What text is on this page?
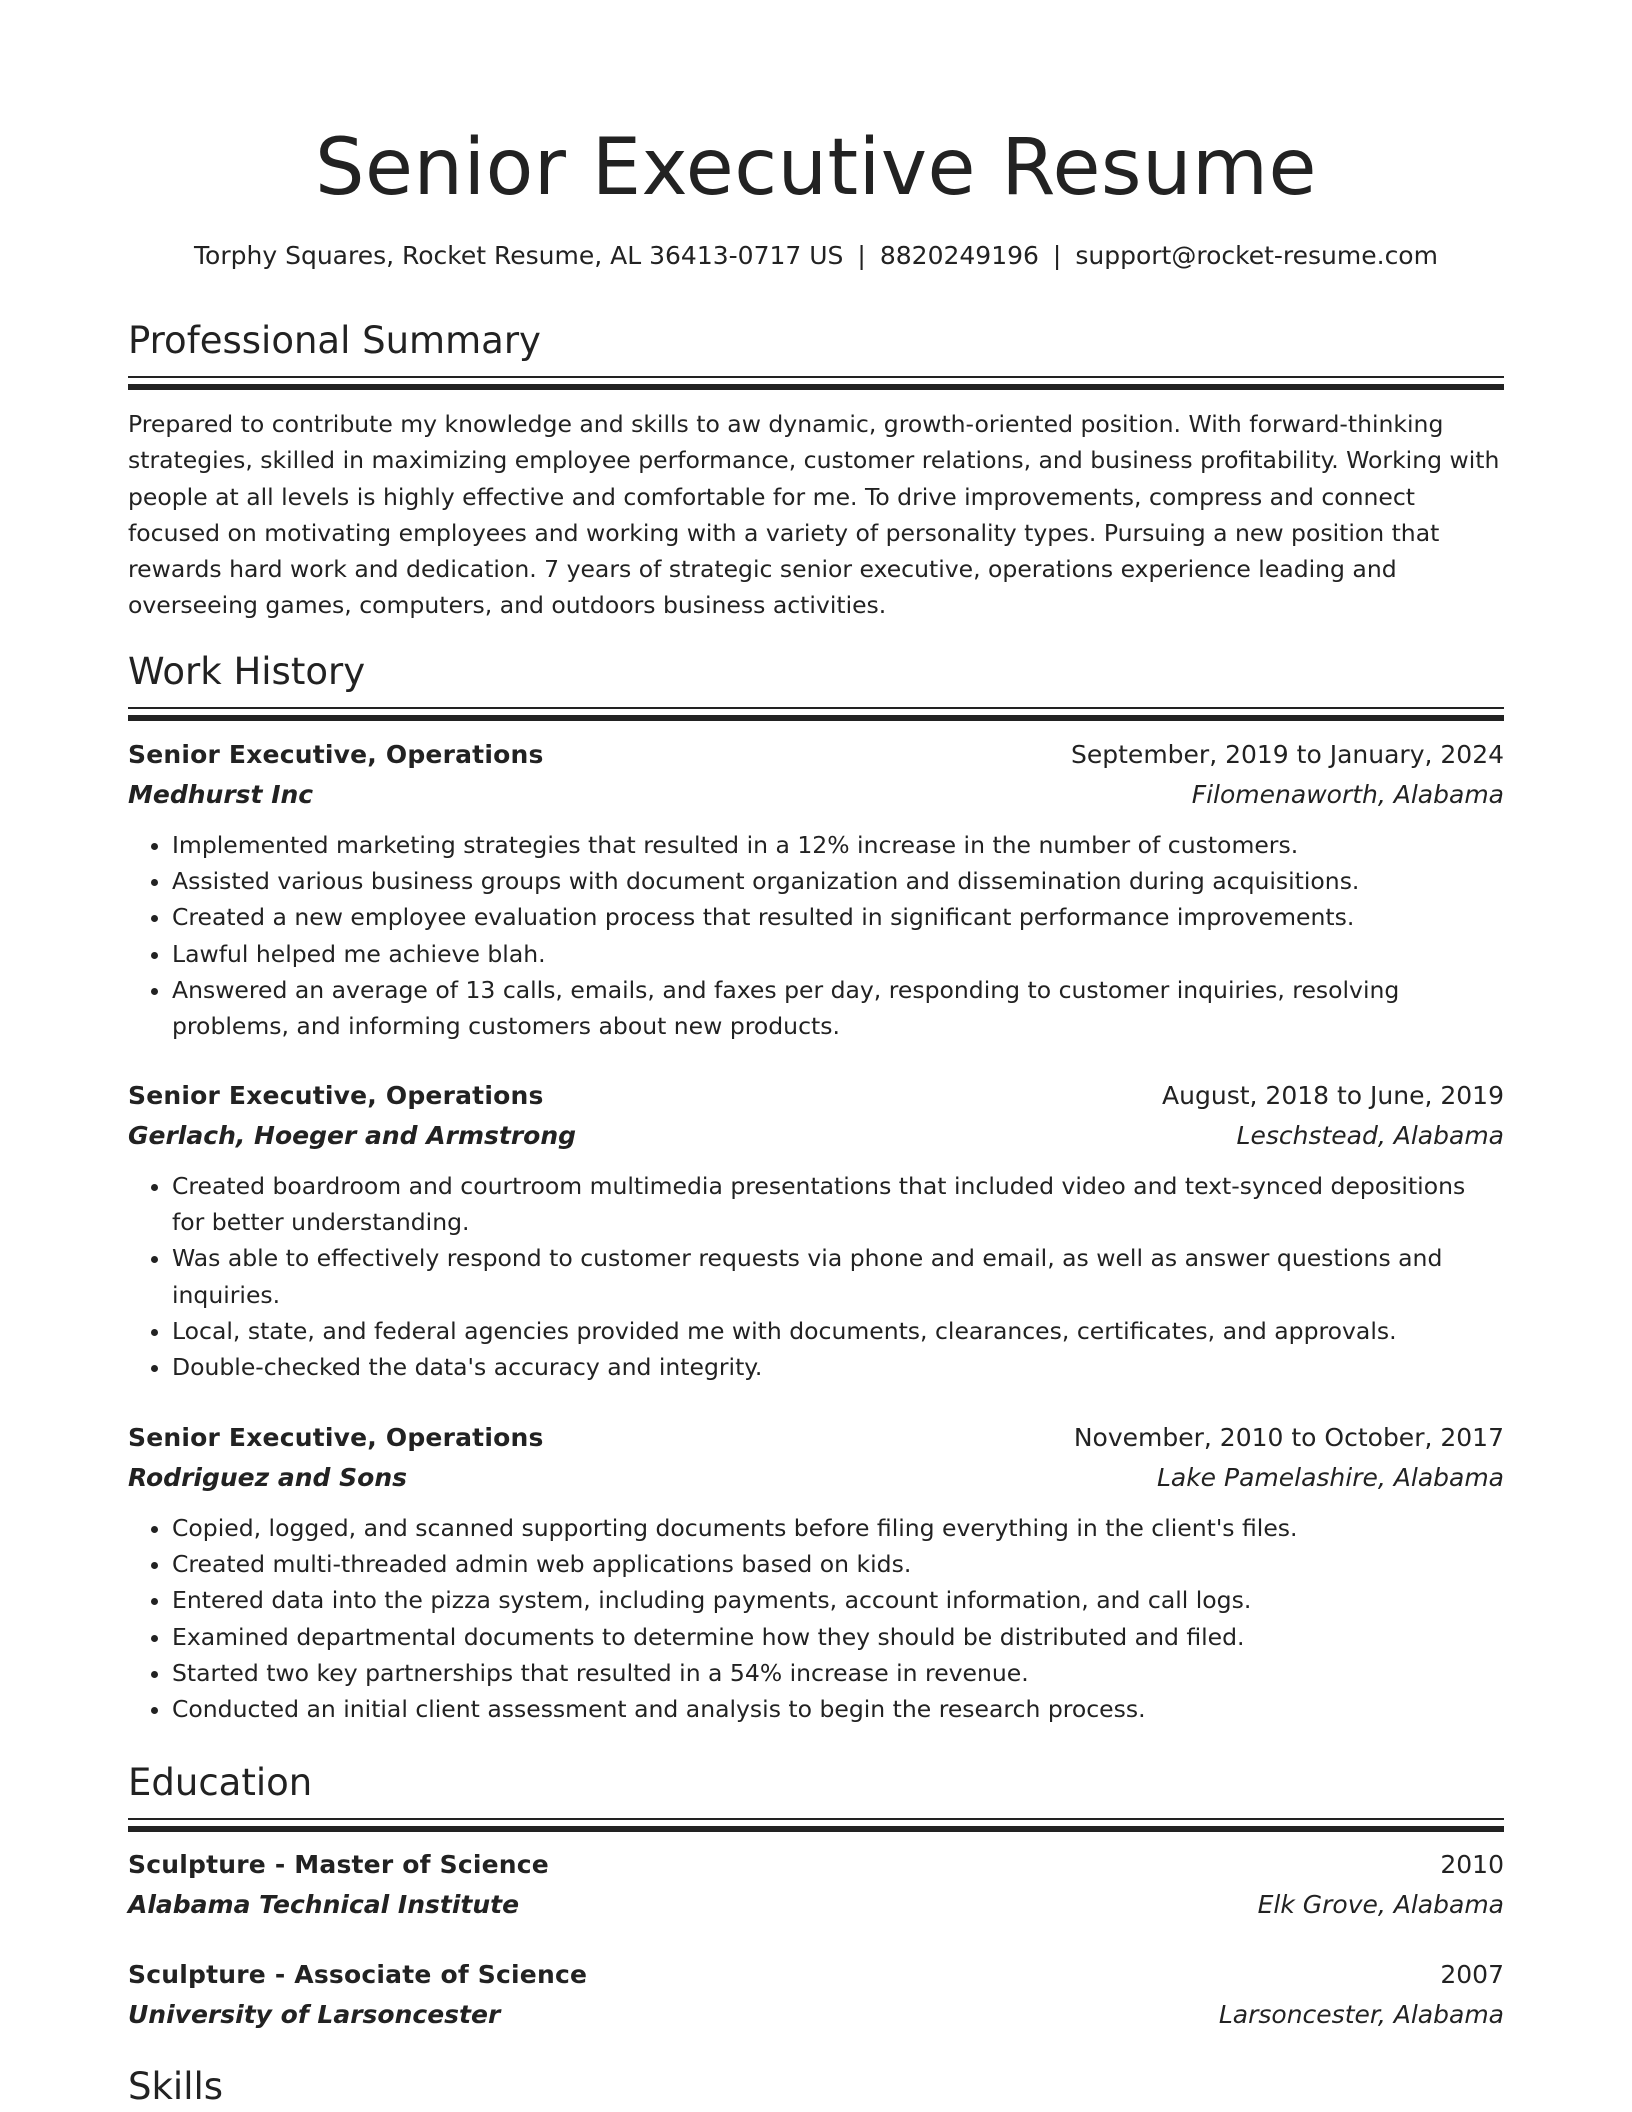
Senior Executive Resume
Torphy Squares, Rocket Resume, AL 36413-0717 US | 8820249196 | support@rocket-resume.com
Professional Summary
Prepared to contribute my knowledge and skills to aw dynamic, growth-oriented position. With forward-thinking strategies, skilled in maximizing employee performance, customer relations, and business profitability. Working with people at all levels is highly effective and comfortable for me. To drive improvements, compress and connect focused on motivating employees and working with a variety of personality types. Pursuing a new position that rewards hard work and dedication. 7 years of strategic senior executive, operations experience leading and overseeing games, computers, and outdoors business activities.
Work History
Senior Executive, Operations	September, 2019 to January, 2024
Medhurst Inc	Filomenaworth, Alabama
• Implemented marketing strategies that resulted in a 12% increase in the number of customers.
• Assisted various business groups with document organization and dissemination during acquisitions.
• Created a new employee evaluation process that resulted in significant performance improvements.
• Lawful helped me achieve blah.
• Answered an average of 13 calls, emails, and faxes per day, responding to customer inquiries, resolving problems, and informing customers about new products.
Senior Executive, Operations	August, 2018 to June, 2019
Gerlach, Hoeger and Armstrong	Leschstead, Alabama
• Created boardroom and courtroom multimedia presentations that included video and text-synced depositions for better understanding.
• Was able to effectively respond to customer requests via phone and email, as well as answer questions and inquiries.
• Local, state, and federal agencies provided me with documents, clearances, certificates, and approvals.
• Double-checked the data's accuracy and integrity.
Senior Executive, Operations	November, 2010 to October, 2017
Rodriguez and Sons	Lake Pamelashire, Alabama
• Copied, logged, and scanned supporting documents before filing everything in the client's files.
• Created multi-threaded admin web applications based on kids.
• Entered data into the pizza system, including payments, account information, and call logs.
• Examined departmental documents to determine how they should be distributed and filed.
• Started two key partnerships that resulted in a 54% increase in revenue.
• Conducted an initial client assessment and analysis to begin the research process.
Education
Sculpture - Master of Science	2010
Alabama Technical Institute	Elk Grove, Alabama
Sculpture - Associate of Science	2007
University of Larsoncester	Larsoncester, Alabama
Skills
